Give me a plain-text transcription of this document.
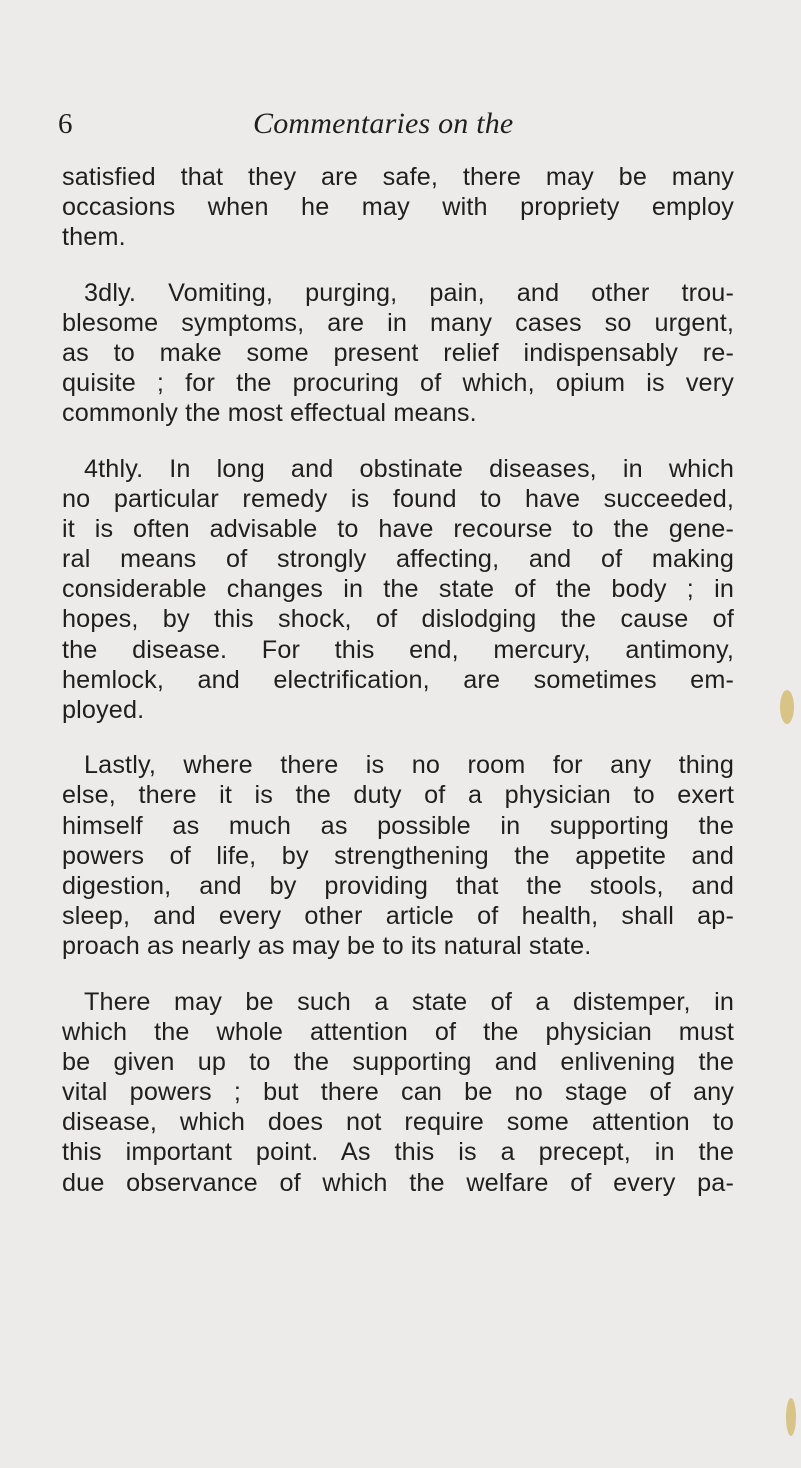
6	Commentaries on the
satisfied that they are safe, there may be many
occasions when he may with propriety employ
them.
3dly. Vomiting, purging, pain, and other trou-
blesome symptoms, are in many cases so urgent,
as to make some present relief indispensably re-
quisite ; for the procuring of which, opium is very
commonly the most effectual means.
4thly. In long and obstinate diseases, in which
no particular remedy is found to have succeeded,
it is often advisable to have recourse to the gene-
ral means of strongly affecting, and of making
considerable changes in the state of the body ; in
hopes, by this shock, of dislodging the cause of
the disease. For this end, mercury, antimony,
hemlock, and electrification, are sometimes em-
ployed.
Lastly, where there is no room for any thing
else, there it is the duty of a physician to exert
himself as much as possible in supporting the
powers of life, by strengthening the appetite and
digestion, and by providing that the stools, and
sleep, and every other article of health, shall ap-
proach as nearly as may be to its natural state.
There may be such a state of a distemper, in
which the whole attention of the physician must
be given up to the supporting and enlivening the
vital powers ; but there can be no stage of any
disease, which does not require some attention to
this important point. As this is a precept, in the
due observance of which the welfare of every pa-
